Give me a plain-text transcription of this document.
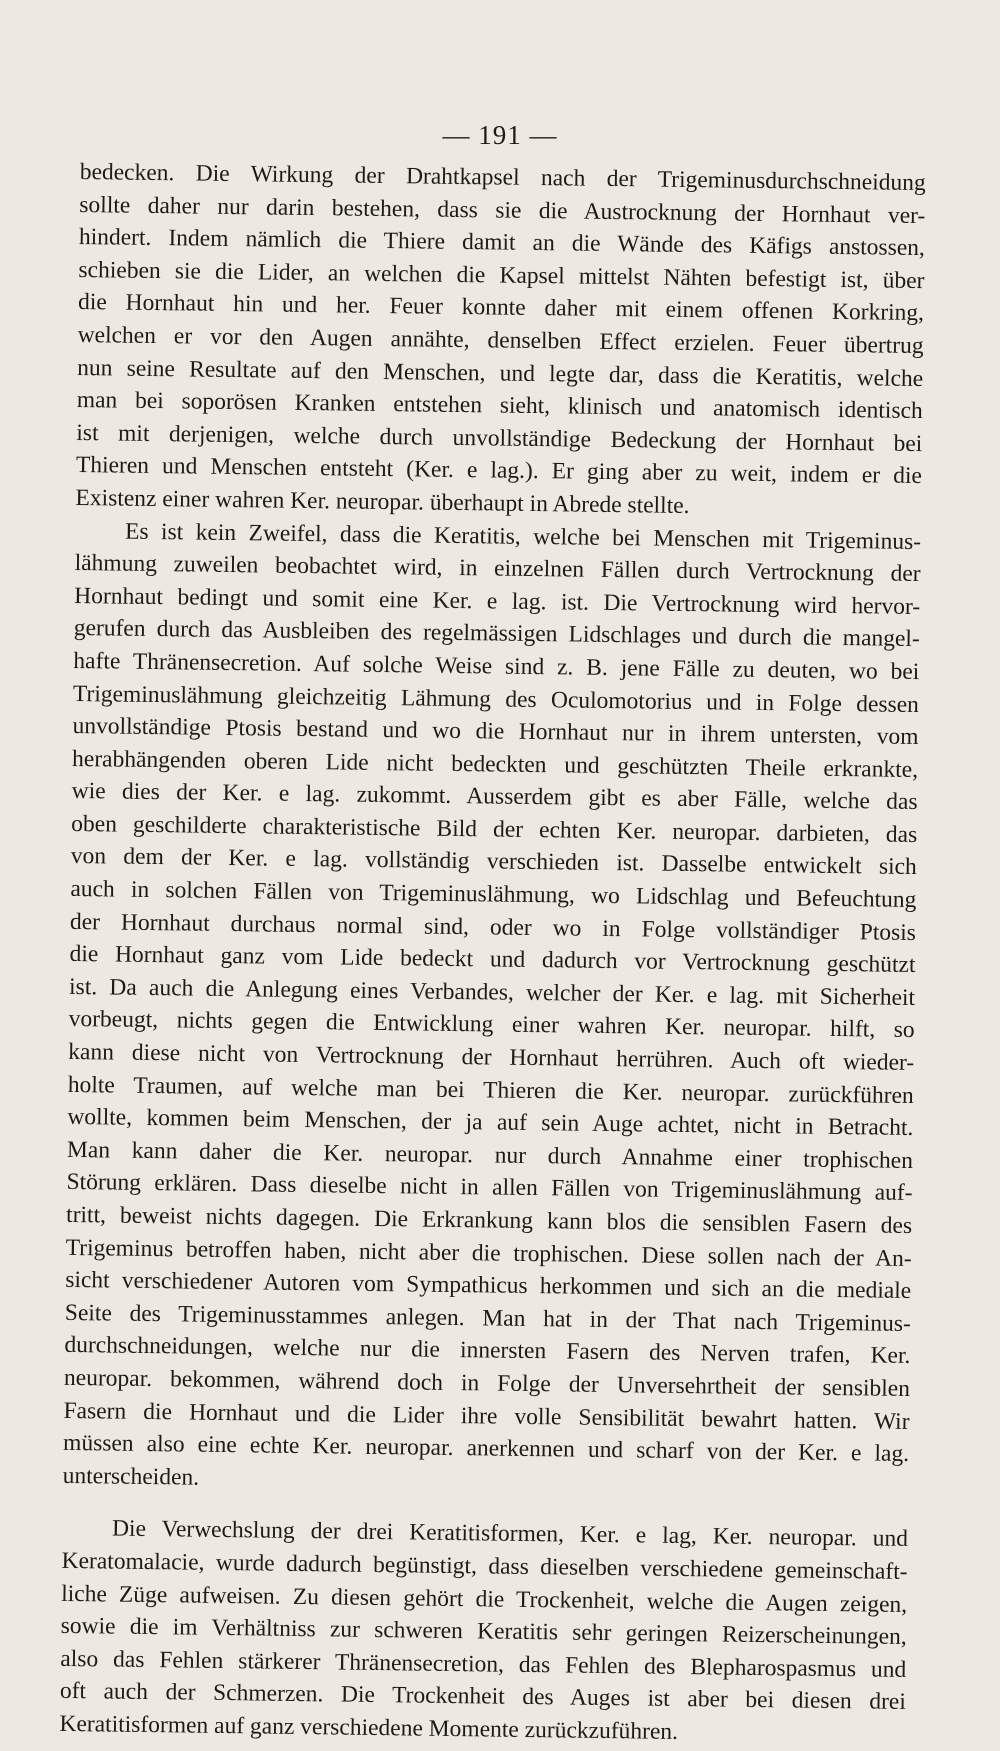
— 191 —
bedecken. Die Wirkung der Drahtkapsel nach der Trigeminusdurchschneidung
sollte daher nur darin bestehen, dass sie die Austrocknung der Hornhaut ver-
hindert. Indem nämlich die Thiere damit an die Wände des Käfigs anstossen,
schieben sie die Lider, an welchen die Kapsel mittelst Nähten befestigt ist, über
die Hornhaut hin und her. Feuer konnte daher mit einem offenen Korkring,
welchen er vor den Augen annähte, denselben Effect erzielen. Feuer übertrug
nun seine Resultate auf den Menschen, und legte dar, dass die Keratitis, welche
man bei soporösen Kranken entstehen sieht, klinisch und anatomisch identisch
ist mit derjenigen, welche durch unvollständige Bedeckung der Hornhaut bei
Thieren und Menschen entsteht (Ker. e lag.). Er ging aber zu weit, indem er die
Existenz einer wahren Ker. neuropar. überhaupt in Abrede stellte.
Es ist kein Zweifel, dass die Keratitis, welche bei Menschen mit Trigeminus-
lähmung zuweilen beobachtet wird, in einzelnen Fällen durch Vertrocknung der
Hornhaut bedingt und somit eine Ker. e lag. ist. Die Vertrocknung wird hervor-
gerufen durch das Ausbleiben des regelmässigen Lidschlages und durch die mangel-
hafte Thränensecretion. Auf solche Weise sind z. B. jene Fälle zu deuten, wo bei
Trigeminuslähmung gleichzeitig Lähmung des Oculomotorius und in Folge dessen
unvollständige Ptosis bestand und wo die Hornhaut nur in ihrem untersten, vom
herabhängenden oberen Lide nicht bedeckten und geschützten Theile erkrankte,
wie dies der Ker. e lag. zukommt. Ausserdem gibt es aber Fälle, welche das
oben geschilderte charakteristische Bild der echten Ker. neuropar. darbieten, das
von dem der Ker. e lag. vollständig verschieden ist. Dasselbe entwickelt sich
auch in solchen Fällen von Trigeminuslähmung, wo Lidschlag und Befeuchtung
der Hornhaut durchaus normal sind, oder wo in Folge vollständiger Ptosis
die Hornhaut ganz vom Lide bedeckt und dadurch vor Vertrocknung geschützt
ist. Da auch die Anlegung eines Verbandes, welcher der Ker. e lag. mit Sicherheit
vorbeugt, nichts gegen die Entwicklung einer wahren Ker. neuropar. hilft, so
kann diese nicht von Vertrocknung der Hornhaut herrühren. Auch oft wieder-
holte Traumen, auf welche man bei Thieren die Ker. neuropar. zurückführen
wollte, kommen beim Menschen, der ja auf sein Auge achtet, nicht in Betracht.
Man kann daher die Ker. neuropar. nur durch Annahme einer trophischen
Störung erklären. Dass dieselbe nicht in allen Fällen von Trigeminuslähmung auf-
tritt, beweist nichts dagegen. Die Erkrankung kann blos die sensiblen Fasern des
Trigeminus betroffen haben, nicht aber die trophischen. Diese sollen nach der An-
sicht verschiedener Autoren vom Sympathicus herkommen und sich an die mediale
Seite des Trigeminusstammes anlegen. Man hat in der That nach Trigeminus-
durchschneidungen, welche nur die innersten Fasern des Nerven trafen, Ker.
neuropar. bekommen, während doch in Folge der Unversehrtheit der sensiblen
Fasern die Hornhaut und die Lider ihre volle Sensibilität bewahrt hatten. Wir
müssen also eine echte Ker. neuropar. anerkennen und scharf von der Ker. e lag.
unterscheiden.
Die Verwechslung der drei Keratitisformen, Ker. e lag, Ker. neuropar. und
Keratomalacie, wurde dadurch begünstigt, dass dieselben verschiedene gemeinschaft-
liche Züge aufweisen. Zu diesen gehört die Trockenheit, welche die Augen zeigen,
sowie die im Verhältniss zur schweren Keratitis sehr geringen Reizerscheinungen,
also das Fehlen stärkerer Thränensecretion, das Fehlen des Blepharospasmus und
oft auch der Schmerzen. Die Trockenheit des Auges ist aber bei diesen drei
Keratitisformen auf ganz verschiedene Momente zurückzuführen.
